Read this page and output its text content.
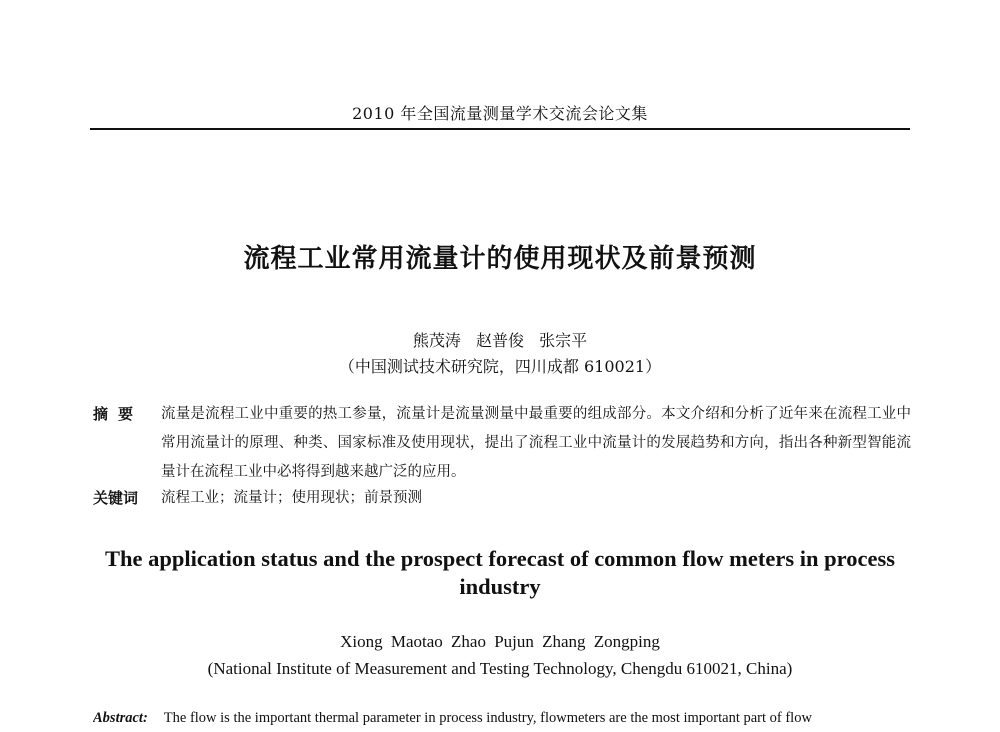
2010 年全国流量测量学术交流会论文集
流程工业常用流量计的使用现状及前景预测
熊茂涛 赵普俊 张宗平
（中国测试技术研究院，四川成都 610021）
摘要	流量是流程工业中重要的热工参量，流量计是流量测量中最重要的组成部分。本文介绍和分析了近年来在流程工业中常用流量计的原理、种类、国家标准及使用现状，提出了流程工业中流量计的发展趋势和方向，指出各种新型智能流量计在流程工业中必将得到越来越广泛的应用。
关键词 流程工业；流量计；使用现状；前景预测
The application status and the prospect forecast of common flow meters in process industry
Xiong Maotao Zhao Pujun Zhang Zongping
(National Institute of Measurement and Testing Technology, Chengdu 610021, China)
Abstract: The flow is the important thermal parameter in process industry, flowmeters are the most important part of flow
